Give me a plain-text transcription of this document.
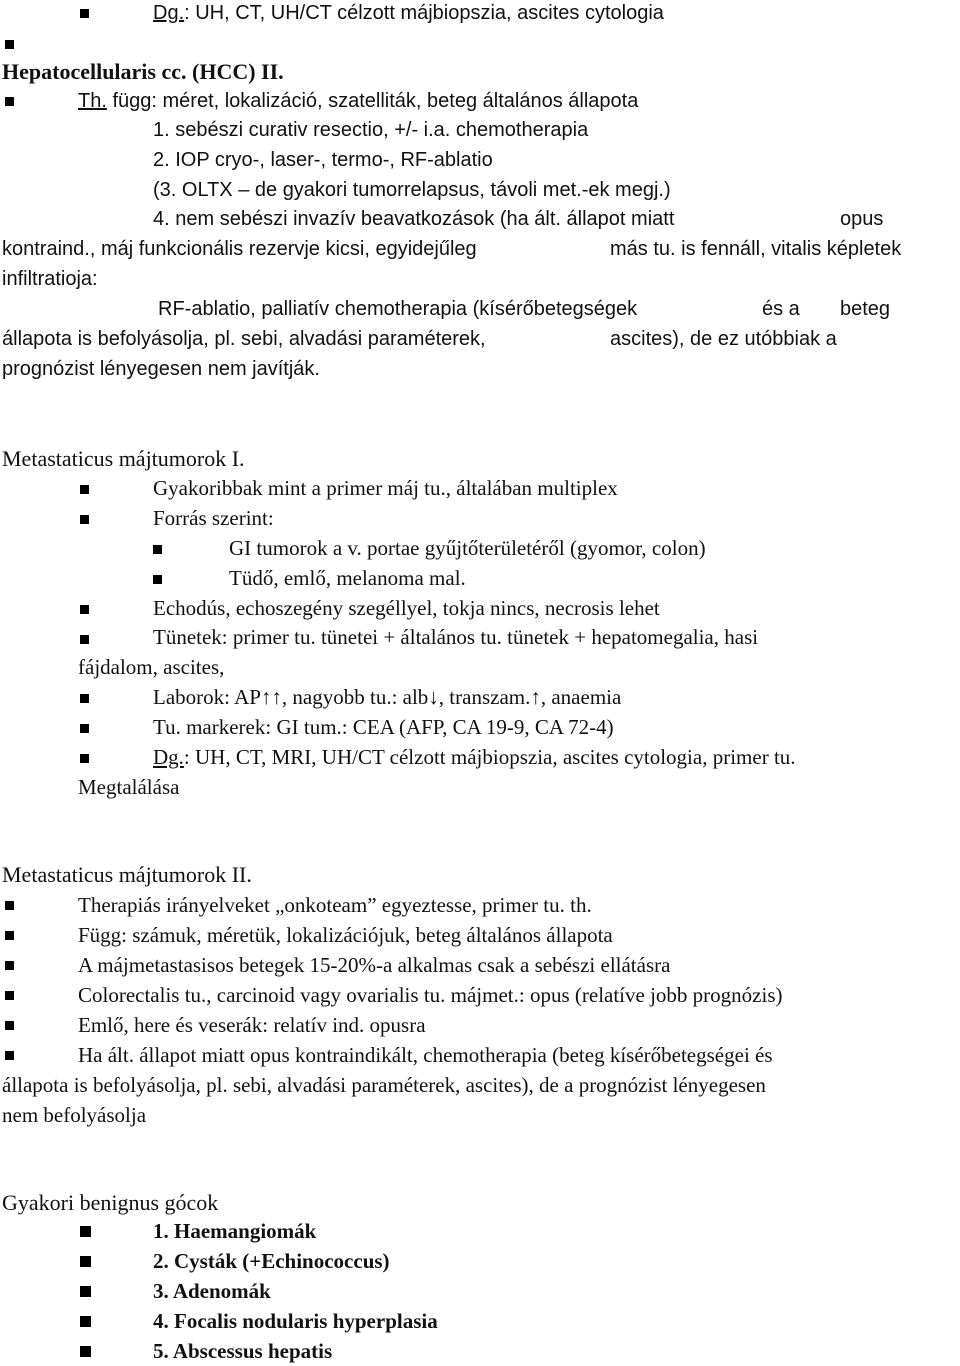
Dg.: UH, CT, UH/CT célzott májbiopszia, ascites cytologia
Hepatocellularis cc. (HCC) II.
Th. függ: méret, lokalizáció, szatelliták, beteg általános állapota
1. sebészi curativ resectio, +/- i.a. chemotherapia
2. IOP cryo-, laser-, termo-, RF-ablatio
(3. OLTX – de gyakori tumorrelapsus, távoli met.-ek megj.)
4. nem sebészi invazív beavatkozások (ha ált. állapot miatt	opus
kontraind., máj funkcionális rezervje kicsi, egyidejűleg	más tu. is fennáll, vitalis képletek
infiltratioja:
RF-ablatio, palliatív chemotherapia (kísérőbetegségek	és a beteg
állapota is befolyásolja, pl. sebi, alvadási paraméterek,	ascites), de ez utóbbiak a
prognózist lényegesen nem javítják.
Metastaticus májtumorok I.
Gyakoribbak mint a primer máj tu., általában multiplex
Forrás szerint:
GI tumorok a v. portae gyűjtőterületéről (gyomor, colon)
Tüdő, emlő, melanoma mal.
Echodús, echoszegény szegéllyel, tokja nincs, necrosis lehet
Tünetek: primer tu. tünetei + általános tu. tünetek + hepatomegalia, hasi
fájdalom, ascites,
Laborok: AP↑↑, nagyobb tu.: alb↓, transzam.↑, anaemia
Tu. markerek: GI tum.: CEA (AFP, CA 19-9, CA 72-4)
Dg.: UH, CT, MRI, UH/CT célzott májbiopszia, ascites cytologia, primer tu.
Megtalálása
Metastaticus májtumorok II.
Therapiás irányelveket „onkoteam” egyeztesse, primer tu. th.
Függ: számuk, méretük, lokalizációjuk, beteg általános állapota
A májmetastasisos betegek 15-20%-a alkalmas csak a sebészi ellátásra
Colorectalis tu., carcinoid vagy ovarialis tu. májmet.: opus (relatíve jobb prognózis)
Emlő, here és veserák: relatív ind. opusra
Ha ált. állapot miatt opus kontraindikált, chemotherapia (beteg kísérőbetegségei és
állapota is befolyásolja, pl. sebi, alvadási paraméterek, ascites), de a prognózist lényegesen
nem befolyásolja
Gyakori benignus gócok
1. Haemangiomák
2. Cysták (+Echinococcus)
3. Adenomák
4. Focalis nodularis hyperplasia
5. Abscessus hepatis
